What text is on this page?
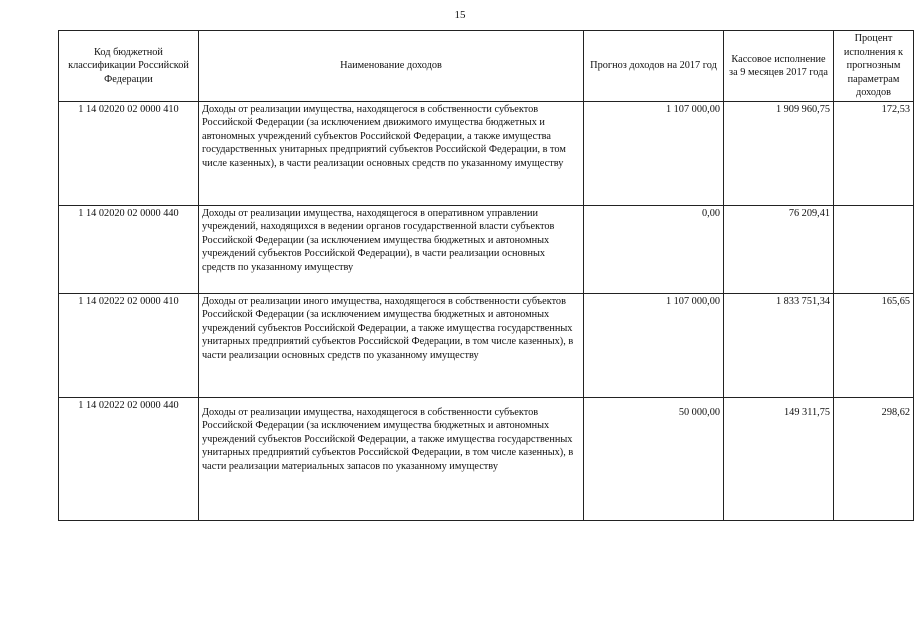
15
Код бюджетной классификации Российской Федерации	Наименование доходов	Прогноз доходов на 2017 год	Кассовое исполнение за 9 месяцев 2017 года	Процент исполнения к прогнозным параметрам доходов
1 14 02020 02 0000 410	Доходы от реализации имущества, находящегося в собственности субъектов Российской Федерации (за исключением движимого имущества бюджетных и автономных учреждений субъектов Российской Федерации, а также имущества государственных унитарных предприятий субъектов Российской Федерации, в том числе казенных), в части реализации основных средств по указанному имуществу	1 107 000,00	1 909 960,75	172,53
1 14 02020 02 0000 440	Доходы от реализации имущества, находящегося в оперативном управлении учреждений, находящихся в ведении органов государственной власти субъектов Российской Федерации (за исключением имущества бюджетных и автономных учреждений субъектов Российской Федерации), в части реализации основных средств по указанному имуществу	0,00	76 209,41	
1 14 02022 02 0000 410	Доходы от реализации иного имущества, находящегося в собственности субъектов Российской Федерации (за исключением имущества бюджетных и автономных учреждений субъектов Российской Федерации, а также имущества государственных унитарных предприятий субъектов Российской Федерации, в том числе казенных), в части реализации основных средств по указанному имуществу	1 107 000,00	1 833 751,34	165,65
1 14 02022 02 0000 440	Доходы от реализации имущества, находящегося в собственности субъектов Российской Федерации (за исключением имущества бюджетных и автономных учреждений субъектов Российской Федерации, а также имущества государственных унитарных предприятий субъектов Российской Федерации, в том числе казенных), в части реализации материальных запасов по указанному имуществу	50 000,00	149 311,75	298,62
